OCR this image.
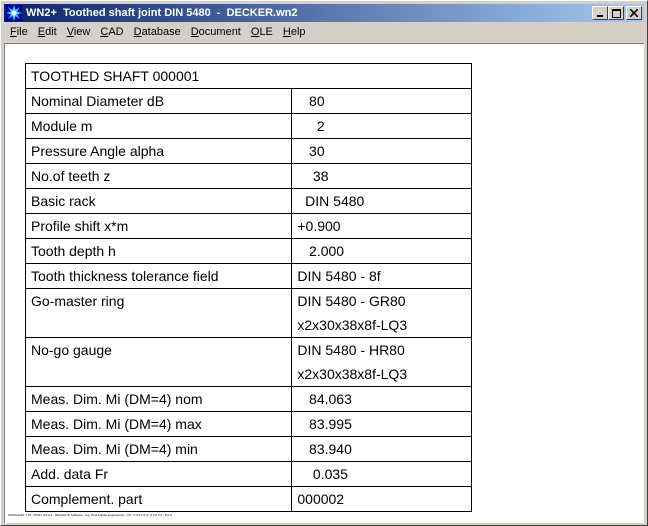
WN2+ Toothed shaft joint DIN 5480  -  DECKER.wn2
File Edit View CAD Database Document OLE Help
TOOTHED SHAFT 000001	
Nominal Diameter dB	80
Module m	2
Pressure Angle alpha	30
No.of teeth z	38
Basic rack	DIN 5480
Profile shift x*m	+0.900
Tooth depth h	2.000
Tooth thickness tolerance field	DIN 5480 - 8f
Go-master ring	DIN 5480 - GR80
x2x30x38x8f-LQ3

No-go gauge	DIN 5480 - HR80
x2x30x38x8f-LQ3

Meas. Dim. Mi (DM=4) nom	84.063
Meas. Dim. Mi (DM=4) max	83.995
Meas. Dim. Mi (DM=4) min	83.940
Add. data Fr	0.035
Complement. part	000002
WN2SHAFT 7.15 - WN2+ 9.8.2.0 - HEXAGON Software - Ing. Paul Franke Engineering - V.8 - 0 0 0 0 0 0 - 0 0 0 0 0 - 0 0 0
